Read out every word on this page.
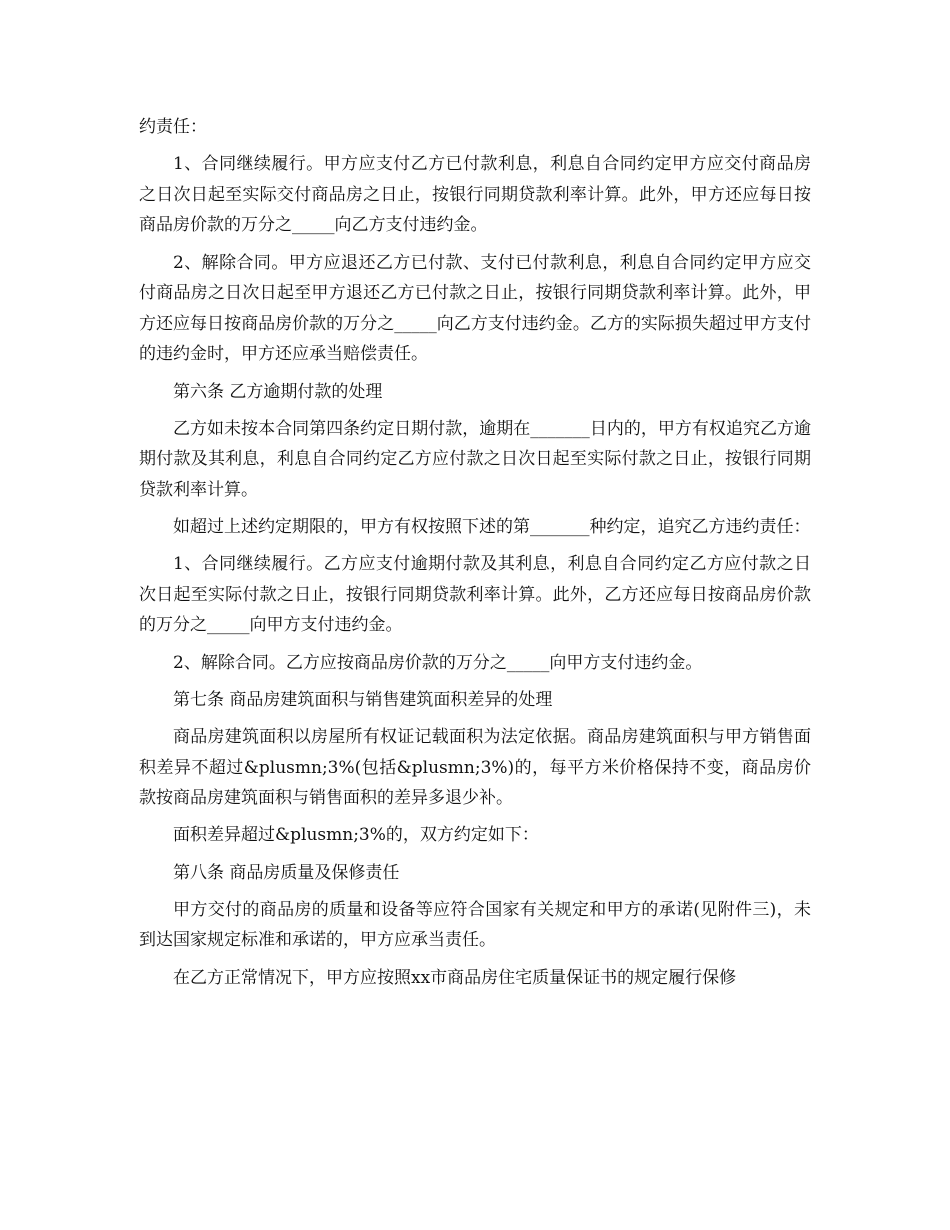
约责任：

1、合同继续履行。甲方应支付乙方已付款利息，利息自合同约定甲方应交付商品房之日次日起至实际交付商品房之日止，按银行同期贷款利率计算。此外，甲方还应每日按商品房价款的万分之_____向乙方支付违约金。

2、解除合同。甲方应退还乙方已付款、支付已付款利息，利息自合同约定甲方应交付商品房之日次日起至甲方退还乙方已付款之日止，按银行同期贷款利率计算。此外，甲方还应每日按商品房价款的万分之_____向乙方支付违约金。乙方的实际损失超过甲方支付的违约金时，甲方还应承当赔偿责任。

第六条 乙方逾期付款的处理

乙方如未按本合同第四条约定日期付款，逾期在_______日内的，甲方有权追究乙方逾期付款及其利息，利息自合同约定乙方应付款之日次日起至实际付款之日止，按银行同期贷款利率计算。

如超过上述约定期限的，甲方有权按照下述的第_______种约定，追究乙方违约责任：

1、合同继续履行。乙方应支付逾期付款及其利息，利息自合同约定乙方应付款之日次日起至实际付款之日止，按银行同期贷款利率计算。此外，乙方还应每日按商品房价款的万分之_____向甲方支付违约金。

2、解除合同。乙方应按商品房价款的万分之_____向甲方支付违约金。

第七条 商品房建筑面积与销售建筑面积差异的处理

商品房建筑面积以房屋所有权证记载面积为法定依据。商品房建筑面积与甲方销售面积差异不超过&plusmn;3%(包括&plusmn;3%)的，每平方米价格保持不变，商品房价款按商品房建筑面积与销售面积的差异多退少补。

面积差异超过&plusmn;3%的，双方约定如下：

第八条 商品房质量及保修责任

甲方交付的商品房的质量和设备等应符合国家有关规定和甲方的承诺(见附件三)，未到达国家规定标准和承诺的，甲方应承当责任。

在乙方正常情况下，甲方应按照xx市商品房住宅质量保证书的规定履行保修
